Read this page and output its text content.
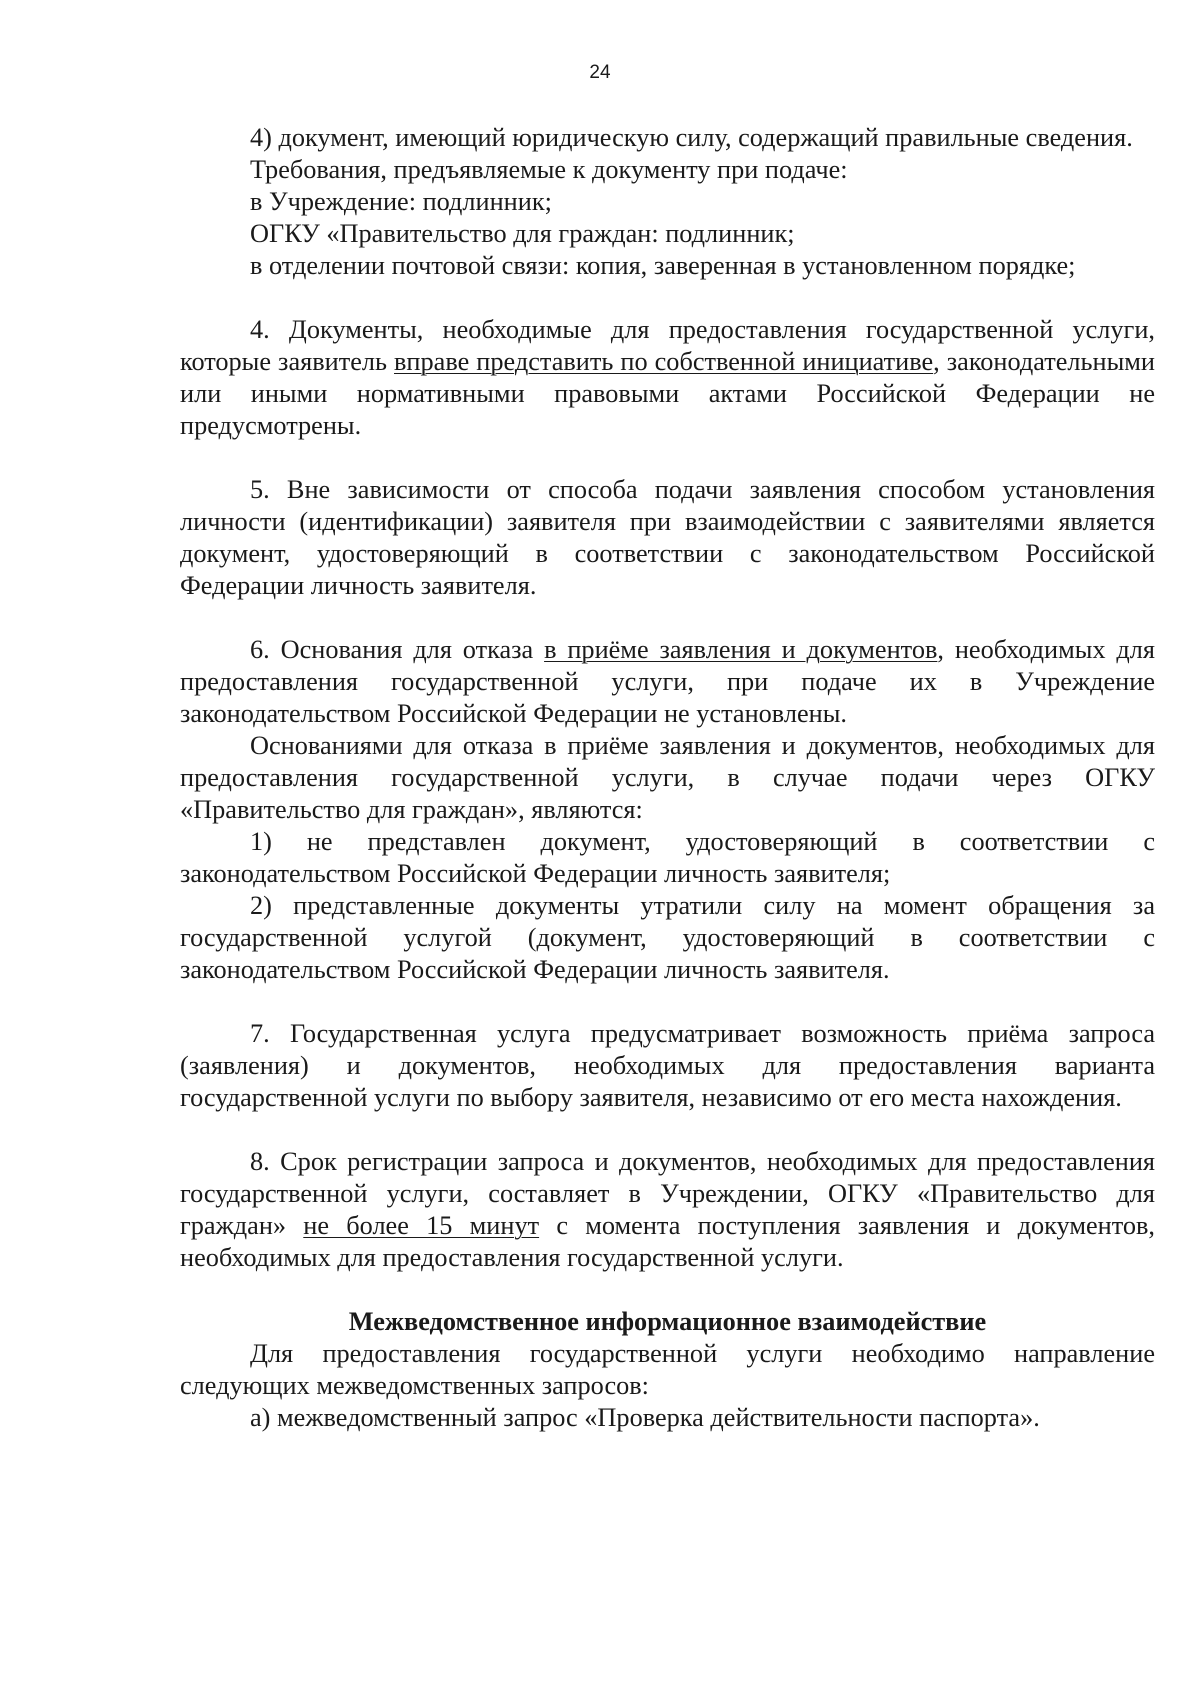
24

4) документ, имеющий юридическую силу, содержащий правильные сведения.

Требования, предъявляемые к документу при подаче:

в Учреждение: подлинник;

ОГКУ «Правительство для граждан: подлинник;

в отделении почтовой связи: копия, заверенная в установленном порядке;

4. Документы, необходимые для предоставления государственной услуги, которые заявитель вправе представить по собственной инициативе, законодательными или иными нормативными правовыми актами Российской Федерации не предусмотрены.

5. Вне зависимости от способа подачи заявления способом установления личности (идентификации) заявителя при взаимодействии с заявителями является документ, удостоверяющий в соответствии с законодательством Российской Федерации личность заявителя.

6. Основания для отказа в приёме заявления и документов, необходимых для предоставления государственной услуги, при подаче их в Учреждение законодательством Российской Федерации не установлены.

Основаниями для отказа в приёме заявления и документов, необходимых для предоставления государственной услуги, в случае подачи через ОГКУ «Правительство для граждан», являются:

1) не представлен документ, удостоверяющий в соответствии с законодательством Российской Федерации личность заявителя;

2) представленные документы утратили силу на момент обращения за государственной услугой (документ, удостоверяющий в соответствии с законодательством Российской Федерации личность заявителя.

7. Государственная услуга предусматривает возможность приёма запроса (заявления) и документов, необходимых для предоставления варианта государственной услуги по выбору заявителя, независимо от его места нахождения.

8. Срок регистрации запроса и документов, необходимых для предоставления государственной услуги, составляет в Учреждении, ОГКУ «Правительство для граждан» не более 15 минут с момента поступления заявления и документов, необходимых для предоставления государственной услуги.

Межведомственное информационное взаимодействие

Для предоставления государственной услуги необходимо направление следующих межведомственных запросов:

а) межведомственный запрос «Проверка действительности паспорта».
